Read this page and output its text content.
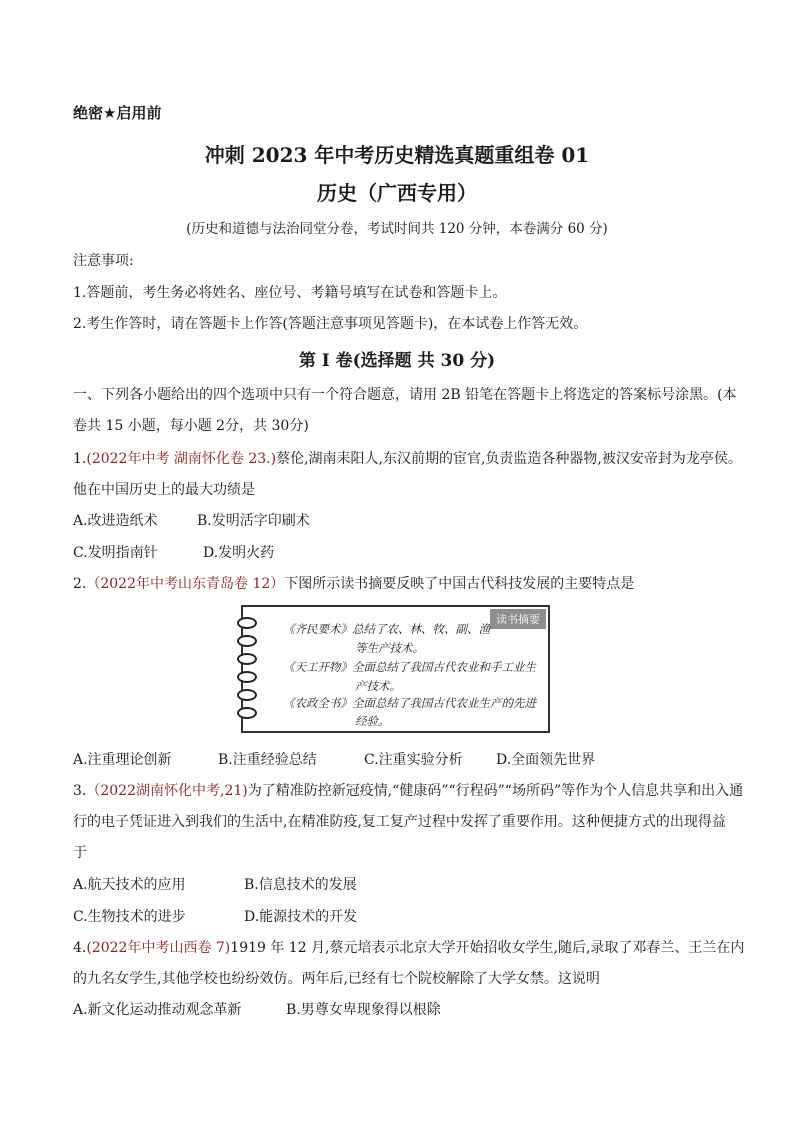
绝密★启用前
冲刺 2023 年中考历史精选真题重组卷 01
历史（广西专用）
(历史和道德与法治同堂分卷，考试时间共 120 分钟，本卷满分 60 分)
注意事项:
1.答题前，考生务必将姓名、座位号、考籍号填写在试卷和答题卡上。
2.考生作答时，请在答题卡上作答(答题注意事项见答题卡)，在本试卷上作答无效。
第 I 卷(选择题 共 30 分)
一、下列各小题给出的四个选项中只有一个符合题意，请用 2B 铅笔在答题卡上将选定的答案标号涂黑。(本
卷共 15 小题，每小题 2分，共 30分)
1.(2022年中考 湖南怀化卷 23.)蔡伦,湖南耒阳人,东汉前期的宦官,负责监造各种器物,被汉安帝封为龙亭侯。
他在中国历史上的最大功绩是
A.改进造纸术	B.发明活字印刷术
C.发明指南针	D.发明火药
2.（2022年中考山东青岛卷 12）下图所示读书摘要反映了中国古代科技发展的主要特点是
读书摘要
《齐民要术》总结了农、林、牧、副、渔
等生产技术。
《天工开物》全面总结了我国古代农业和手工业生
产技术。
《农政全书》全面总结了我国古代农业生产的先进
经验。
A.注重理论创新	B.注重经验总结	C.注重实验分析 D.全面领先世界
3.（2022湖南怀化中考,21)为了精准防控新冠疫情,“健康码”“行程码”“场所码”等作为个人信息共享和出入通
行的电子凭证进入到我们的生活中,在精准防疫,复工复产过程中发挥了重要作用。这种便捷方式的出现得益
于
A.航天技术的应用	B.信息技术的发展
C.生物技术的进步	D.能源技术的开发
4.(2022年中考山西卷 7)1919 年 12 月,蔡元培表示北京大学开始招收女学生,随后,录取了邓春兰、王兰在内
的九名女学生,其他学校也纷纷效仿。两年后,已经有七个院校解除了大学女禁。这说明
A.新文化运动推动观念革新	B.男尊女卑现象得以根除
